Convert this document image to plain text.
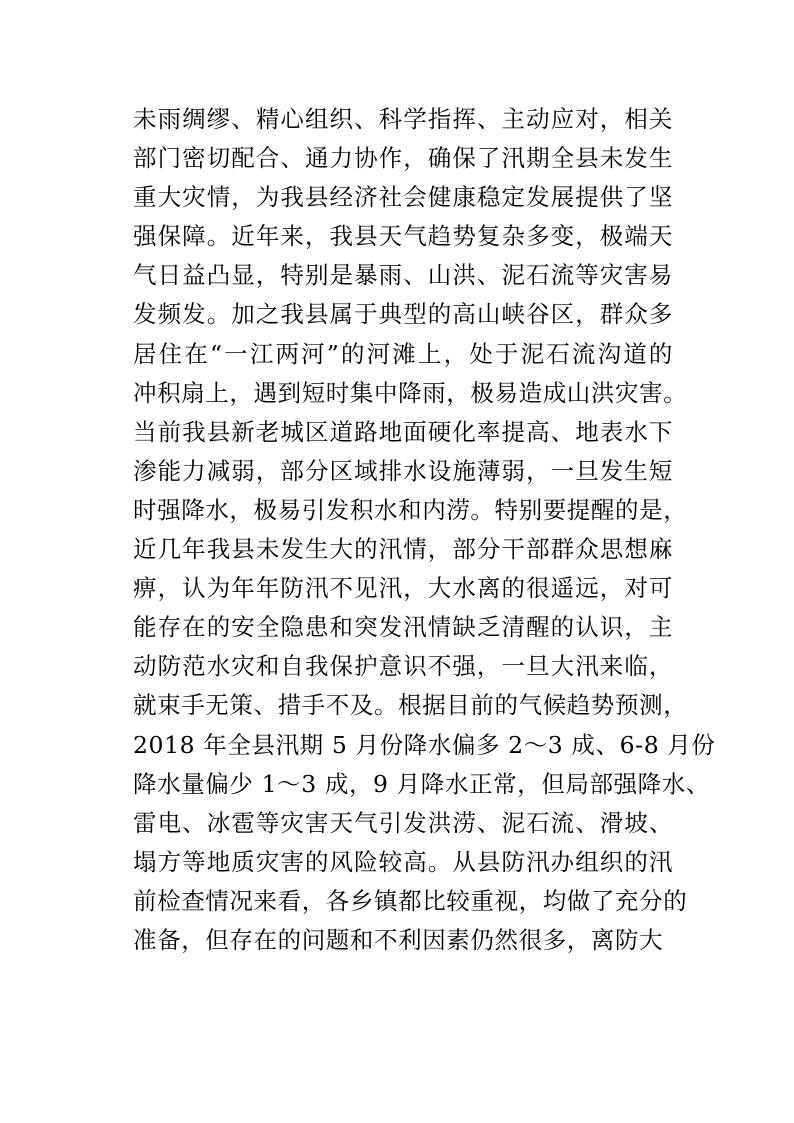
未雨绸缪、精心组织、科学指挥、主动应对，相关
部门密切配合、通力协作，确保了汛期全县未发生
重大灾情，为我县经济社会健康稳定发展提供了坚
强保障。近年来，我县天气趋势复杂多变，极端天
气日益凸显，特别是暴雨、山洪、泥石流等灾害易
发频发。加之我县属于典型的高山峡谷区，群众多
居住在“一江两河”的河滩上，处于泥石流沟道的
冲积扇上，遇到短时集中降雨，极易造成山洪灾害。
当前我县新老城区道路地面硬化率提高、地表水下
渗能力减弱，部分区域排水设施薄弱，一旦发生短
时强降水，极易引发积水和内涝。特别要提醒的是，
近几年我县未发生大的汛情，部分干部群众思想麻
痹，认为年年防汛不见汛，大水离的很遥远，对可
能存在的安全隐患和突发汛情缺乏清醒的认识，主
动防范水灾和自我保护意识不强，一旦大汛来临，
就束手无策、措手不及。根据目前的气候趋势预测，
2018 年全县汛期 5 月份降水偏多 2～3 成、6-8 月份
降水量偏少 1～3 成，9 月降水正常，但局部强降水、
雷电、冰雹等灾害天气引发洪涝、泥石流、滑坡、
塌方等地质灾害的风险较高。从县防汛办组织的汛
前检查情况来看，各乡镇都比较重视，均做了充分的
准备，但存在的问题和不利因素仍然很多，离防大
